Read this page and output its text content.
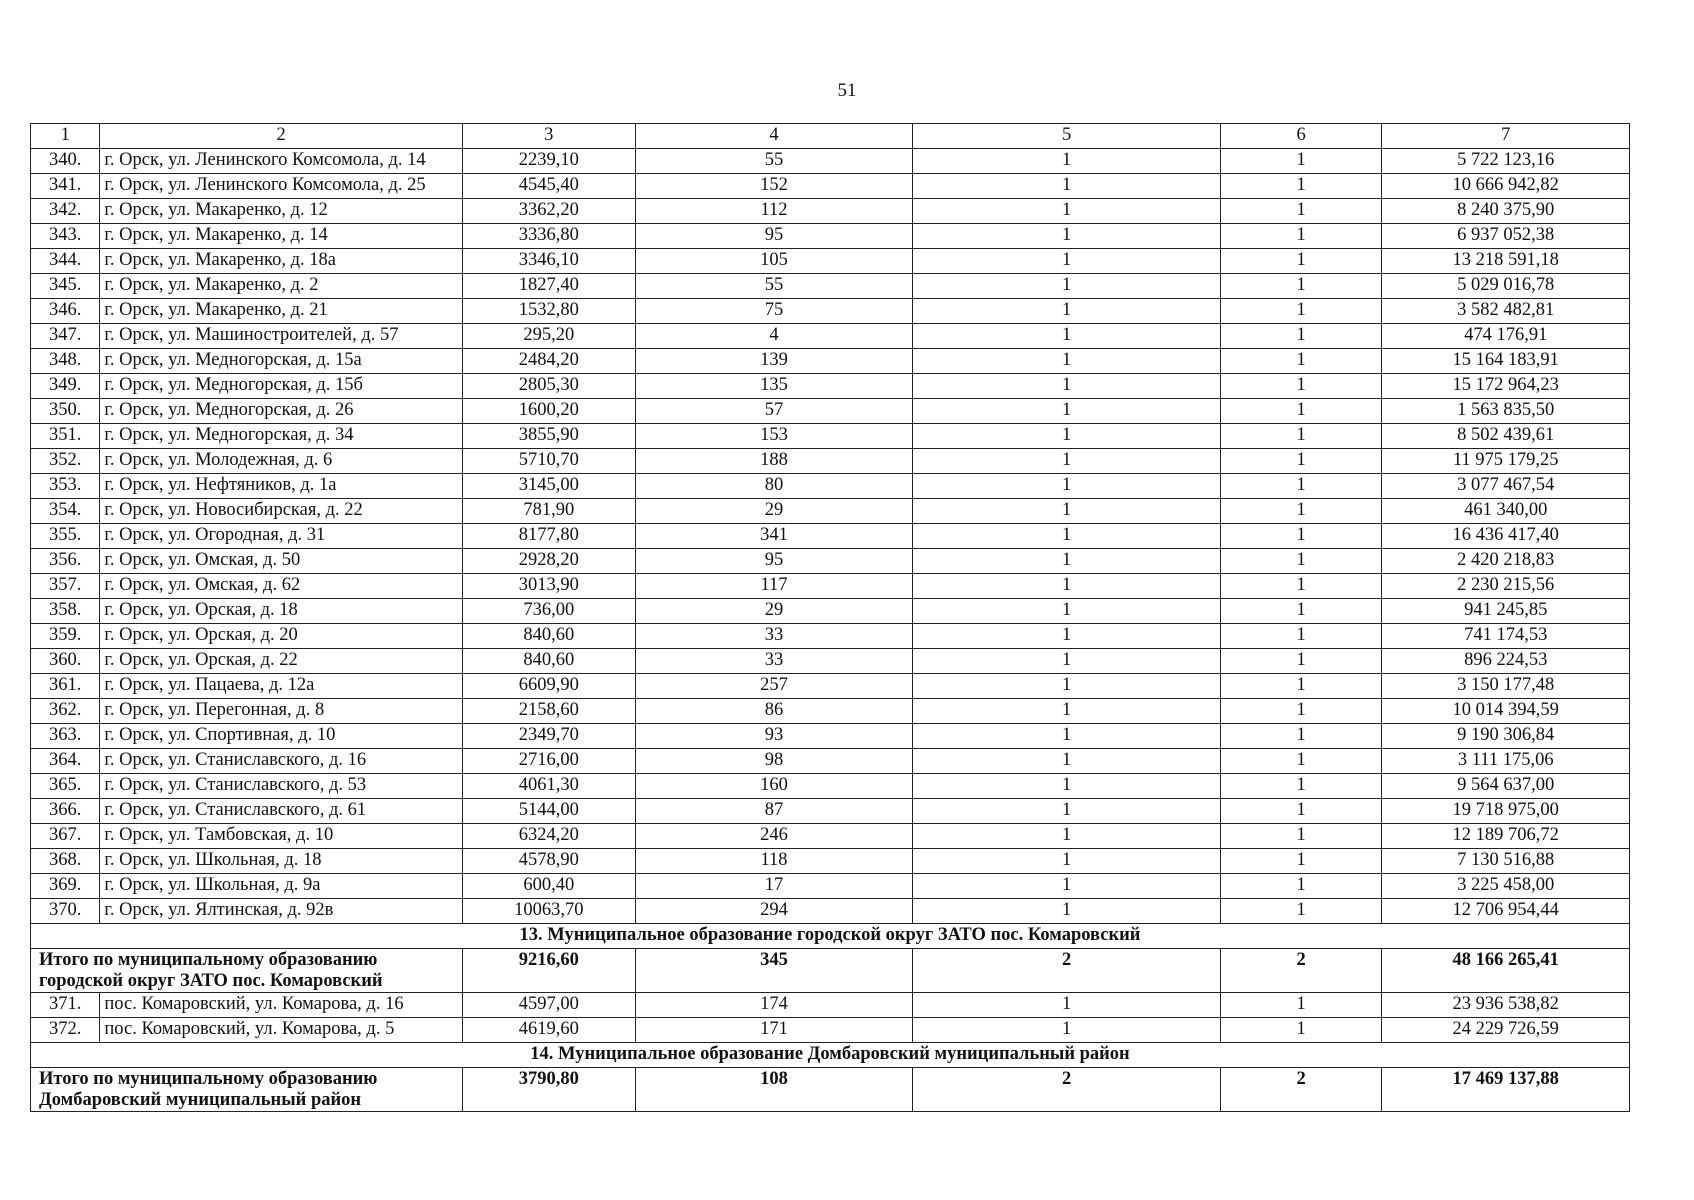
51
1	2	3	4	5	6	7
340.	г. Орск, ул. Ленинского Комсомола, д. 14	2239,10	55	1	1	5 722 123,16
341.	г. Орск, ул. Ленинского Комсомола, д. 25	4545,40	152	1	1	10 666 942,82
342.	г. Орск, ул. Макаренко, д. 12	3362,20	112	1	1	8 240 375,90
343.	г. Орск, ул. Макаренко, д. 14	3336,80	95	1	1	6 937 052,38
344.	г. Орск, ул. Макаренко, д. 18а	3346,10	105	1	1	13 218 591,18
345.	г. Орск, ул. Макаренко, д. 2	1827,40	55	1	1	5 029 016,78
346.	г. Орск, ул. Макаренко, д. 21	1532,80	75	1	1	3 582 482,81
347.	г. Орск, ул. Машиностроителей, д. 57	295,20	4	1	1	474 176,91
348.	г. Орск, ул. Медногорская, д. 15а	2484,20	139	1	1	15 164 183,91
349.	г. Орск, ул. Медногорская, д. 15б	2805,30	135	1	1	15 172 964,23
350.	г. Орск, ул. Медногорская, д. 26	1600,20	57	1	1	1 563 835,50
351.	г. Орск, ул. Медногорская, д. 34	3855,90	153	1	1	8 502 439,61
352.	г. Орск, ул. Молодежная, д. 6	5710,70	188	1	1	11 975 179,25
353.	г. Орск, ул. Нефтяников, д. 1а	3145,00	80	1	1	3 077 467,54
354.	г. Орск, ул. Новосибирская, д. 22	781,90	29	1	1	461 340,00
355.	г. Орск, ул. Огородная, д. 31	8177,80	341	1	1	16 436 417,40
356.	г. Орск, ул. Омская, д. 50	2928,20	95	1	1	2 420 218,83
357.	г. Орск, ул. Омская, д. 62	3013,90	117	1	1	2 230 215,56
358.	г. Орск, ул. Орская, д. 18	736,00	29	1	1	941 245,85
359.	г. Орск, ул. Орская, д. 20	840,60	33	1	1	741 174,53
360.	г. Орск, ул. Орская, д. 22	840,60	33	1	1	896 224,53
361.	г. Орск, ул. Пацаева, д. 12а	6609,90	257	1	1	3 150 177,48
362.	г. Орск, ул. Перегонная, д. 8	2158,60	86	1	1	10 014 394,59
363.	г. Орск, ул. Спортивная, д. 10	2349,70	93	1	1	9 190 306,84
364.	г. Орск, ул. Станиславского, д. 16	2716,00	98	1	1	3 111 175,06
365.	г. Орск, ул. Станиславского, д. 53	4061,30	160	1	1	9 564 637,00
366.	г. Орск, ул. Станиславского, д. 61	5144,00	87	1	1	19 718 975,00
367.	г. Орск, ул. Тамбовская, д. 10	6324,20	246	1	1	12 189 706,72
368.	г. Орск, ул. Школьная, д. 18	4578,90	118	1	1	7 130 516,88
369.	г. Орск, ул. Школьная, д. 9а	600,40	17	1	1	3 225 458,00
370.	г. Орск, ул. Ялтинская, д. 92в	10063,70	294	1	1	12 706 954,44
13. Муниципальное образование городской округ ЗАТО пос. Комаровский						
Итого по муниципальному образованию городской округ ЗАТО пос. Комаровский		9216,60	345	2	2	48 166 265,41
371.	пос. Комаровский, ул. Комарова, д. 16	4597,00	174	1	1	23 936 538,82
372.	пос. Комаровский, ул. Комарова, д. 5	4619,60	171	1	1	24 229 726,59
14. Муниципальное образование Домбаровский муниципальный район						
Итого по муниципальному образованию Домбаровский муниципальный район		3790,80	108	2	2	17 469 137,88
